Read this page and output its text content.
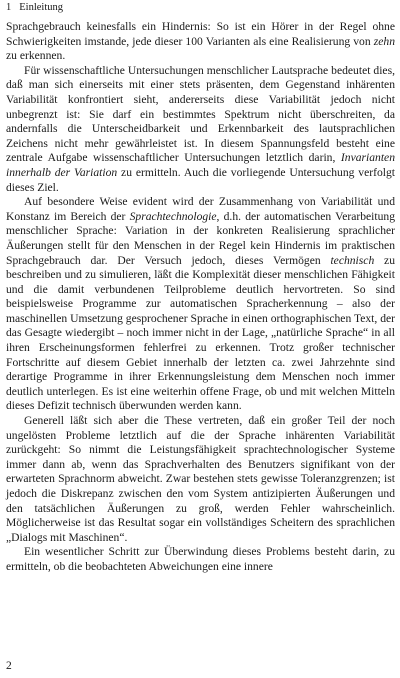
1 Einleitung

Sprachgebrauch keinesfalls ein Hindernis: So ist ein Hörer in der Regel ohne Schwierigkeiten imstande, jede dieser 100 Varianten als eine Realisierung von zehn zu erkennen.

Für wissenschaftliche Untersuchungen menschlicher Lautsprache bedeutet dies, daß man sich einerseits mit einer stets präsenten, dem Gegenstand inhärenten Variabilität konfrontiert sieht, andererseits diese Variabilität jedoch nicht unbegrenzt ist: Sie darf ein bestimmtes Spektrum nicht überschreiten, da andernfalls die Unterscheidbarkeit und Erkennbarkeit des lautsprachlichen Zeichens nicht mehr gewährleistet ist. In diesem Spannungsfeld besteht eine zentrale Aufgabe wissenschaftlicher Untersuchungen letztlich darin, Invarianten innerhalb der Variation zu ermitteln. Auch die vorliegende Untersuchung verfolgt dieses Ziel.

Auf besondere Weise evident wird der Zusammenhang von Variabilität und Konstanz im Bereich der Sprachtechnologie, d.h. der automatischen Verarbeitung menschlicher Sprache: Variation in der konkreten Realisierung sprachlicher Äußerungen stellt für den Menschen in der Regel kein Hindernis im praktischen Sprachgebrauch dar. Der Versuch jedoch, dieses Vermögen technisch zu beschreiben und zu simulieren, läßt die Komplexität dieser menschlichen Fähigkeit und die damit verbundenen Teilprobleme deutlich hervortreten. So sind beispielsweise Programme zur automatischen Spracherkennung – also der maschinellen Umsetzung gesprochener Sprache in einen orthographischen Text, der das Gesagte wiedergibt – noch immer nicht in der Lage, „natürliche Sprache“ in all ihren Erscheinungsformen fehlerfrei zu erkennen. Trotz großer technischer Fortschritte auf diesem Gebiet innerhalb der letzten ca. zwei Jahrzehnte sind derartige Programme in ihrer Erkennungsleistung dem Menschen noch immer deutlich unterlegen. Es ist eine weiterhin offene Frage, ob und mit welchen Mitteln dieses Defizit technisch überwunden werden kann.

Generell läßt sich aber die These vertreten, daß ein großer Teil der noch ungelösten Probleme letztlich auf die der Sprache inhärenten Variabilität zurückgeht: So nimmt die Leistungsfähigkeit sprachtechnologischer Systeme immer dann ab, wenn das Sprachverhalten des Benutzers signifikant von der erwarteten Sprachnorm abweicht. Zwar bestehen stets gewisse Toleranzgrenzen; ist jedoch die Diskrepanz zwischen den vom System antizipierten Äußerungen und den tatsächlichen Äußerungen zu groß, werden Fehler wahrscheinlich. Möglicherweise ist das Resultat sogar ein vollständiges Scheitern des sprachlichen „Dialogs mit Maschinen“.

Ein wesentlicher Schritt zur Überwindung dieses Problems besteht darin, zu ermitteln, ob die beobachteten Abweichungen eine innere

2
